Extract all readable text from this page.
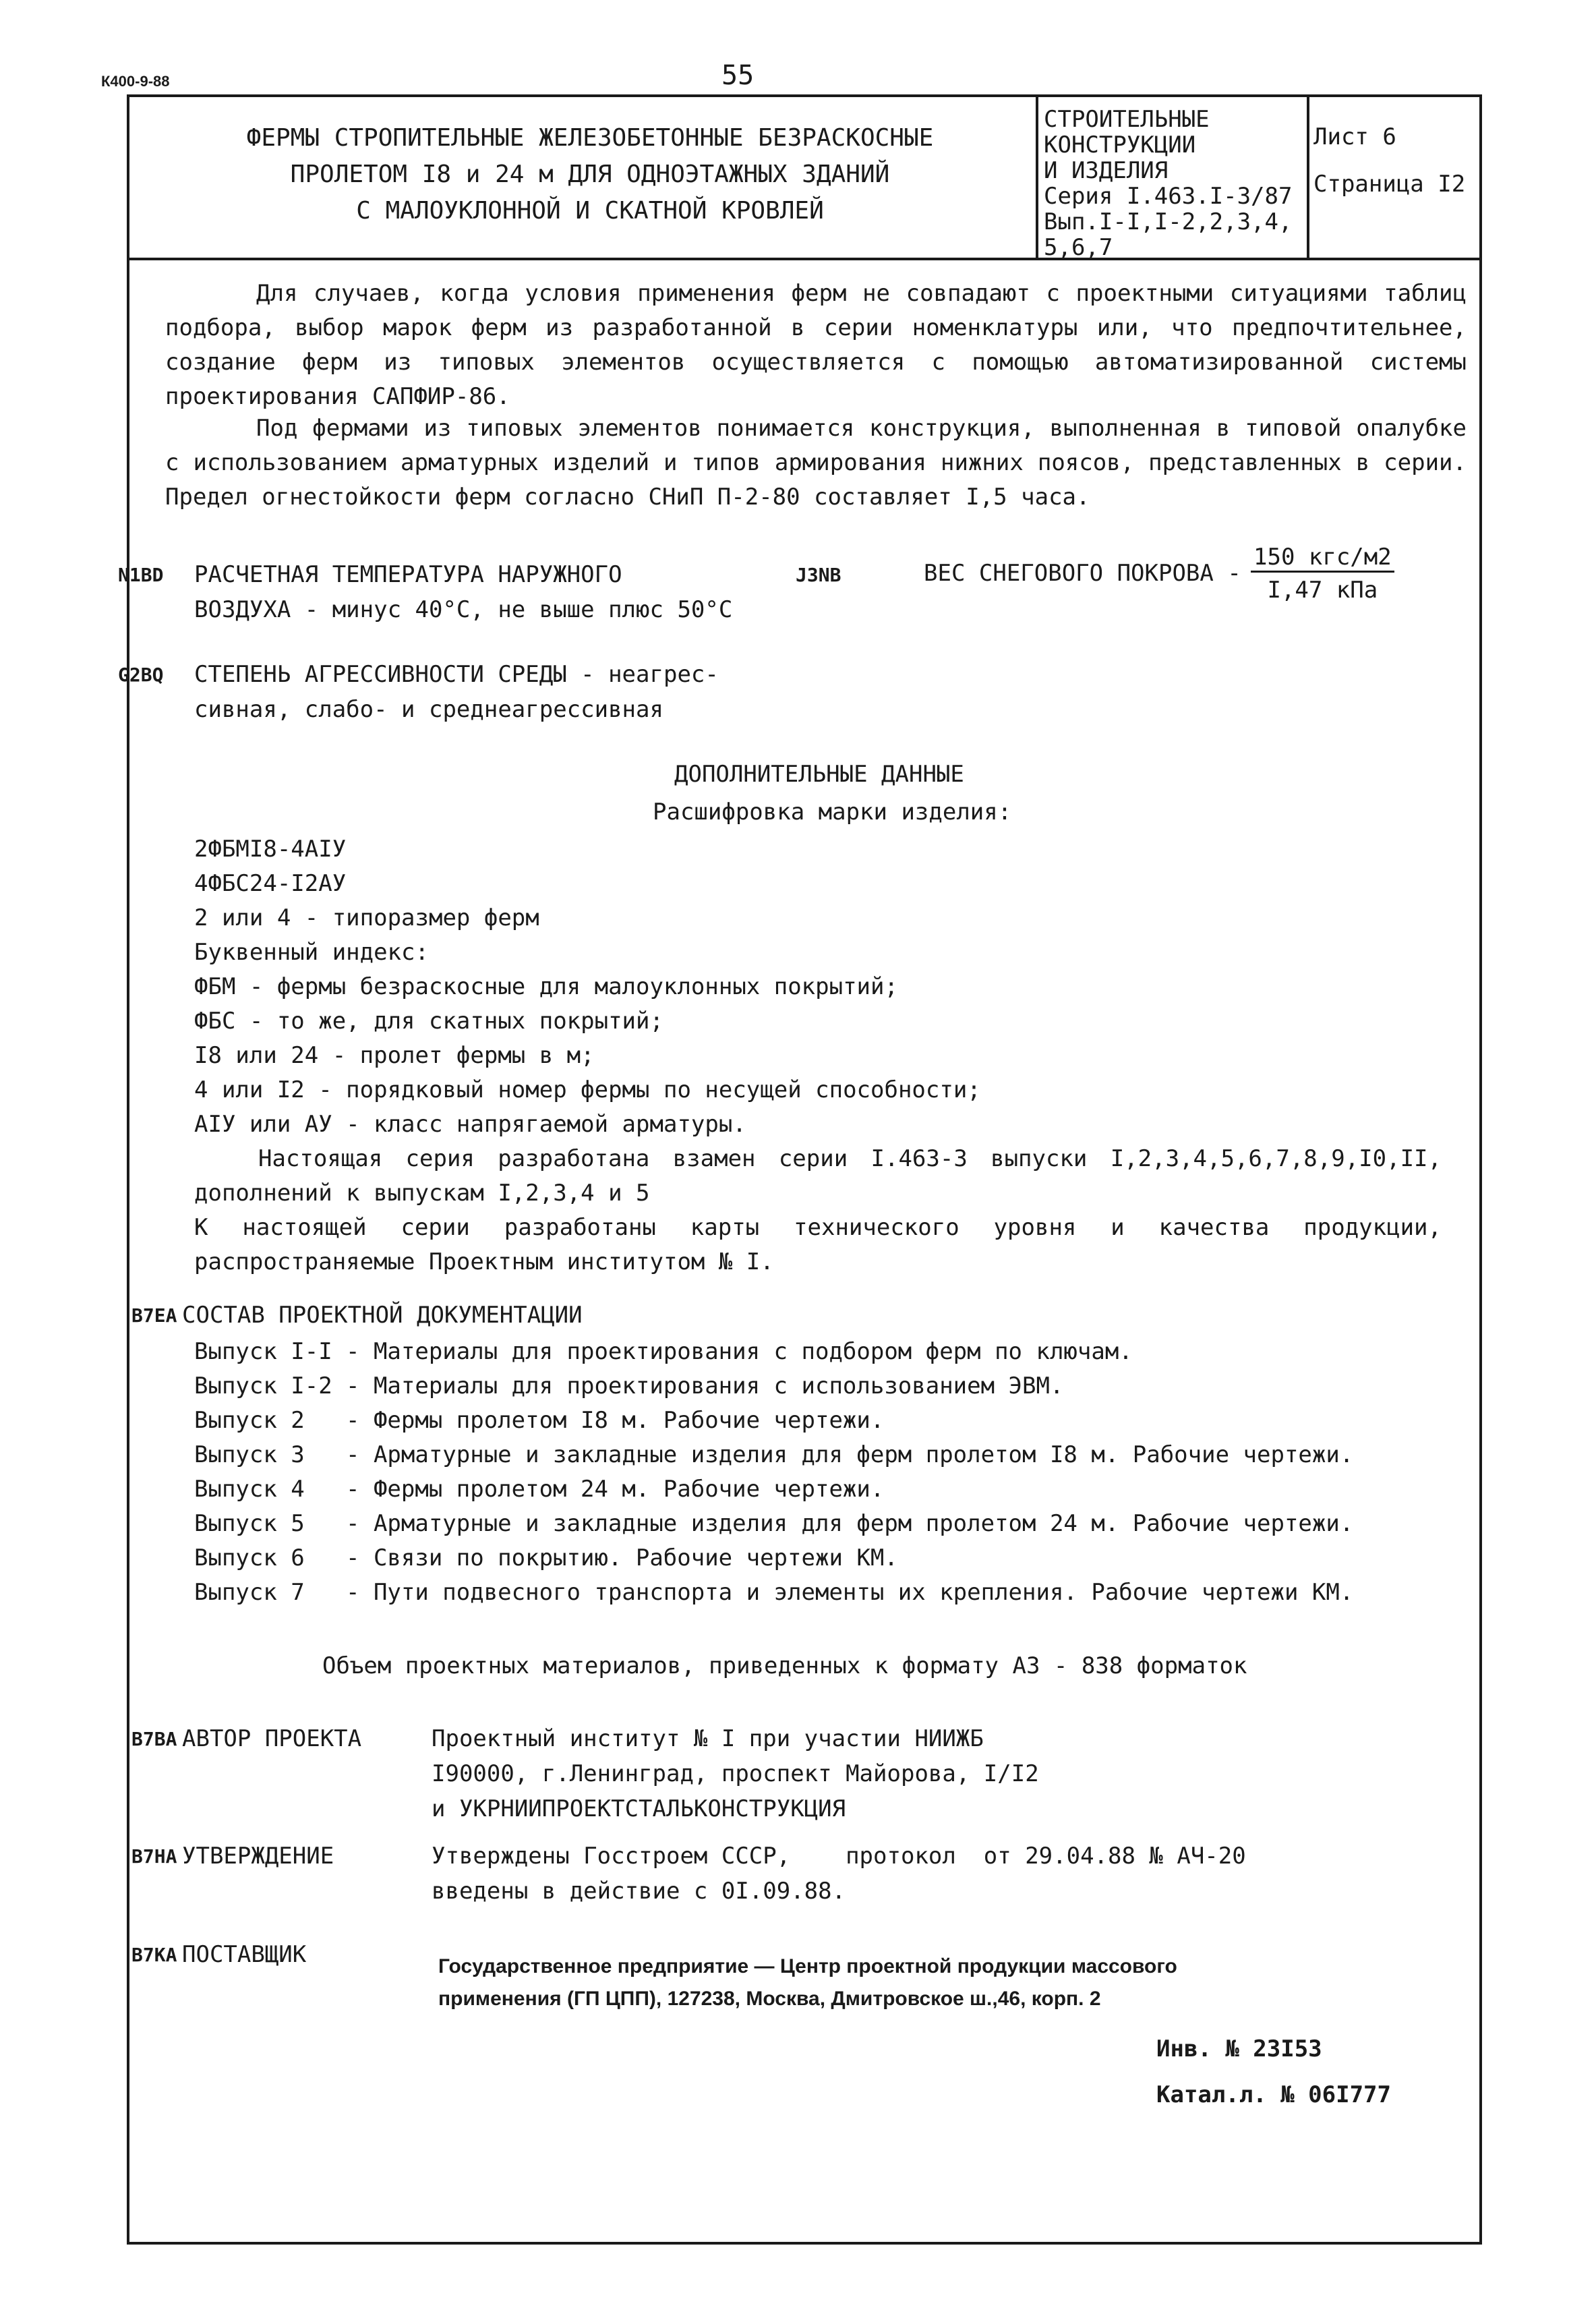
К400-9-88	55
ФЕРМЫ СТРОПИТЕЛЬНЫЕ ЖЕЛЕЗОБЕТОННЫЕ БЕЗРАСКОСНЫЕ
ПРОЛЕТОМ I8 и 24 м ДЛЯ ОДНОЭТАЖНЫХ ЗДАНИЙ
С МАЛОУКЛОННОЙ И СКАТНОЙ КРОВЛЕЙ
СТРОИТЕЛЬНЫЕ
КОНСТРУКЦИИ
И ИЗДЕЛИЯ
Серия I.463.I-3/87
Вып.I-I,I-2,2,3,4,
5,6,7
Лист 6
Страница I2
Для случаев, когда условия применения ферм не совпадают с проектными ситуациями таблиц подбора, выбор марок ферм из разработанной в серии номенклатуры или, что предпочтительнее, создание ферм из типовых элементов осуществляется с помощью автоматизированной системы проектирования САПФИР-86.
Под фермами из типовых элементов понимается конструкция, выполненная в типовой опалубке с использованием арматурных изделий и типов армирования нижних поясов, представленных в серии. Предел огнестойкости ферм согласно СНиП П-2-80 составляет I,5 часа.
N1BD РАСЧЕТНАЯ ТЕМПЕРАТУРА НАРУЖНОГО
ВОЗДУХА - минус 40°С, не выше плюс 50°С
J3NB	ВЕС СНЕГОВОГО ПОКРОВА -
150 кгс/м2
I,47 кПа
G2BQ СТЕПЕНЬ АГРЕССИВНОСТИ СРЕДЫ - неагрес-
сивная, слабо- и среднеагрессивная
ДОПОЛНИТЕЛЬНЫЕ ДАННЫЕ
Расшифровка марки изделия:
2ФБМI8-4АIУ
4ФБС24-I2АУ
2 или 4 - типоразмер ферм
Буквенный индекс:
ФБМ - фермы безраскосные для малоуклонных покрытий;
ФБС - то же, для скатных покрытий;
I8 или 24 - пролет фермы в м;
4 или I2 - порядковый номер фермы по несущей способности;
АIУ или АУ - класс напрягаемой арматуры.
Настоящая серия разработана взамен серии I.463-3 выпуски I,2,3,4,5,6,7,8,9,I0,II, дополнений к выпускам I,2,3,4 и 5
К настоящей серии разработаны карты технического уровня и качества продукции, распространяемые Проектным институтом № I.
В7ЕА СОСТАВ ПРОЕКТНОЙ ДОКУМЕНТАЦИИ
Выпуск I-I - Материалы для проектирования с подбором ферм по ключам.
Выпуск I-2 - Материалы для проектирования с использованием ЭВМ.
Выпуск 2 - Фермы пролетом I8 м. Рабочие чертежи.
Выпуск 3 - Арматурные и закладные изделия для ферм пролетом I8 м. Рабочие чертежи.
Выпуск 4 - Фермы пролетом 24 м. Рабочие чертежи.
Выпуск 5 - Арматурные и закладные изделия для ферм пролетом 24 м. Рабочие чертежи.
Выпуск 6 - Связи по покрытию. Рабочие чертежи КМ.
Выпуск 7 - Пути подвесного транспорта и элементы их крепления. Рабочие чертежи КМ.
Объем проектных материалов, приведенных к формату А3 - 838 форматок
В7ВА АВТОР ПРОЕКТА	Проектный институт № I при участии НИИЖБ
I90000, г.Ленинград, проспект Майорова, I/I2
и УКРНИИПРОЕКТСТАЛЬКОНСТРУКЦИЯ
В7НА УТВЕРЖДЕНИЕ	Утверждены Госстроем СССР,    протокол  от 29.04.88 № АЧ-20
введены в действие с 0I.09.88.
В7КА ПОСТАВЩИК	Государственное предприятие — Центр проектной продукции массового
применения (ГП ЦПП), 127238, Москва, Дмитровское ш.,46, корп. 2
Инв. № 23I53
Катал.л. № 06I777
